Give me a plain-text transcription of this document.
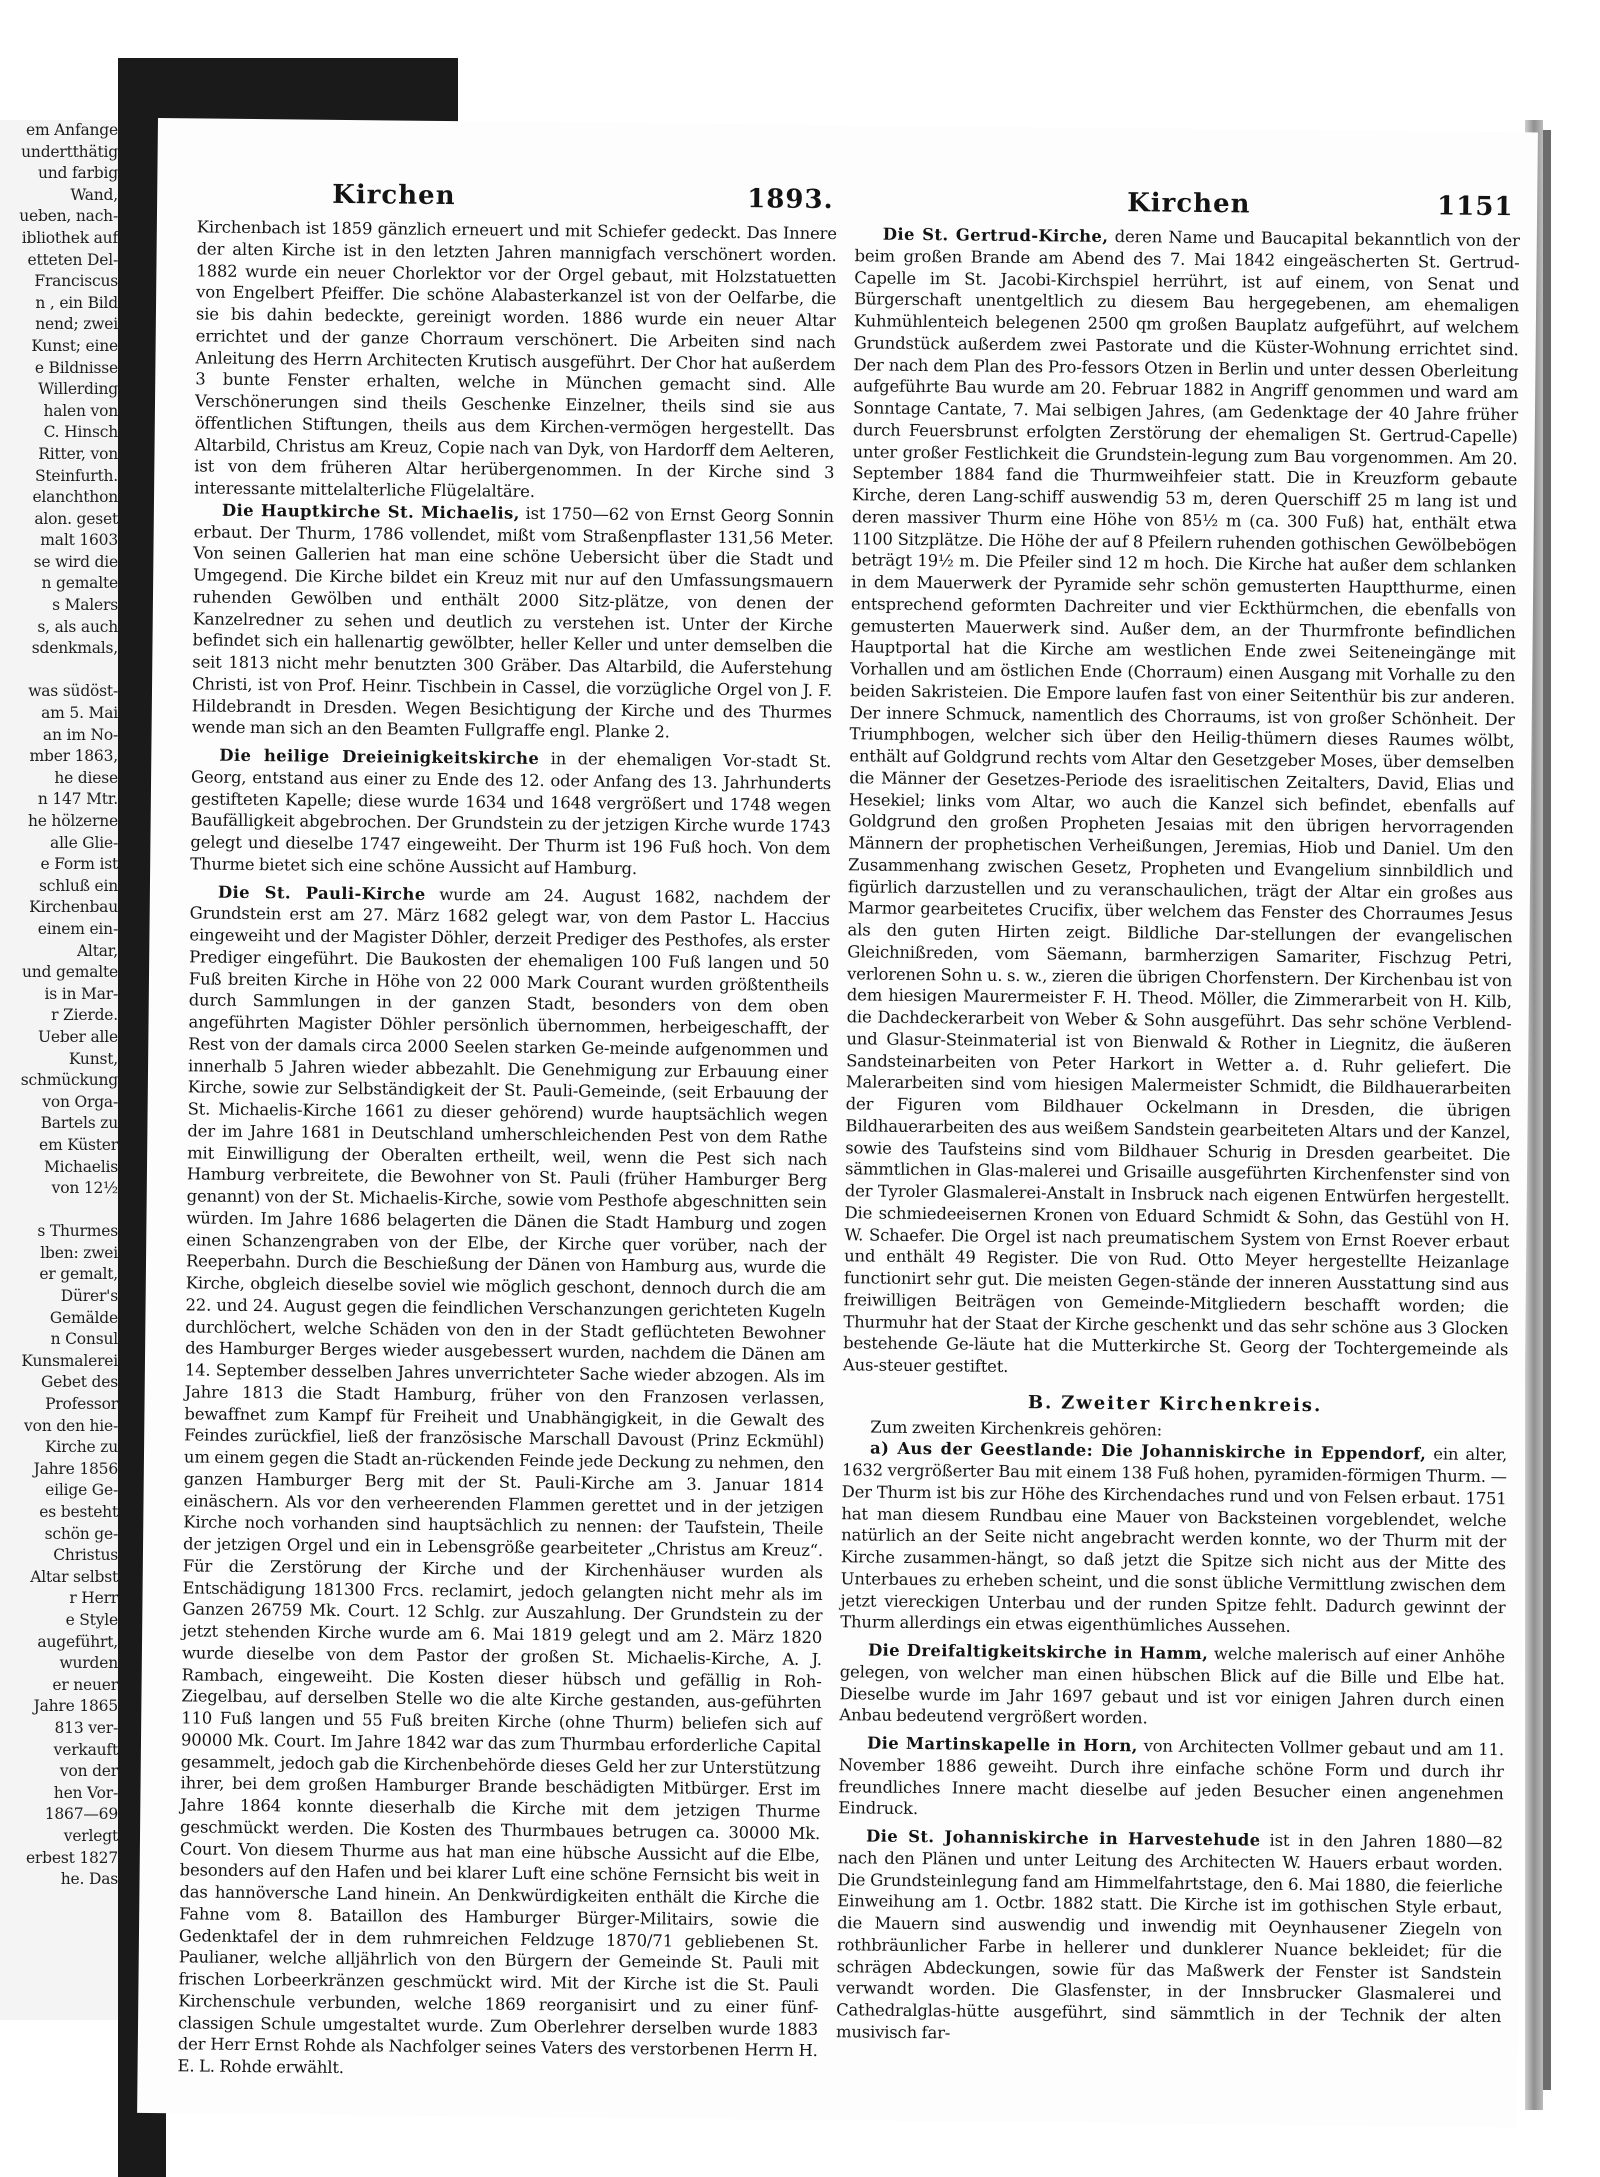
em Anfange
undertthätig
und farbig
Wand,
ueben, nach-
ibliothek auf
etteten Del-
Franciscus
n , ein Bild
nend; zwei
Kunst; eine
e Bildnisse
Willerding
halen von
C. Hinsch
Ritter, von
Steinfurth.
elanchthon
alon. geset
malt 1603
se wird die
n gemalte
s Malers
s, als auch
sdenkmals,

was südöst-
am 5. Mai
an im No-
mber 1863,
he diese
n 147 Mtr.
he hölzerne
alle Glie-
e Form ist
schluß ein
Kirchenbau
einem ein-
Altar,
und gemalte
is in Mar-
r Zierde.
Ueber alle
Kunst,
schmückung
von Orga-
Bartels zu
em Küster
Michaelis
von 12½

s Thurmes
lben: zwei
er gemalt,
Dürer's
Gemälde
n Consul
Kunsmalerei
Gebet des
Professor
von den hie-
Kirche zu
Jahre 1856
eilige Ge-
es besteht
schön ge-
Christus
Altar selbst
r Herr
e Style
augeführt,
wurden
er neuer
Jahre 1865
813 ver-
verkauft
von der
hen Vor-
1867—69
verlegt
erbest 1827
he. Das
Kirchen	1893.	Kirchen	1151

Kirchenbach ist 1859 gänzlich erneuert und mit Schiefer gedeckt. Das Innere der alten Kirche ist in den letzten Jahren mannigfach verschönert worden. 1882 wurde ein neuer Chorlektor vor der Orgel gebaut, mit Holzstatuetten von Engelbert Pfeiffer. Die schöne Alabasterkanzel ist von der Oelfarbe, die sie bis dahin bedeckte, gereinigt worden. 1886 wurde ein neuer Altar errichtet und der ganze Chorraum verschönert. Die Arbeiten sind nach Anleitung des Herrn Architecten Krutisch ausgeführt. Der Chor hat außerdem 3 bunte Fenster erhalten, welche in München gemacht sind. Alle Verschönerungen sind theils Geschenke Einzelner, theils sind sie aus öffentlichen Stiftungen, theils aus dem Kirchen-vermögen hergestellt. Das Altarbild, Christus am Kreuz, Copie nach van Dyk, von Hardorff dem Aelteren, ist von dem früheren Altar herübergenommen. In der Kirche sind 3 interessante mittelalterliche Flügelaltäre.

Die Hauptkirche St. Michaelis, ist 1750—62 von Ernst Georg Sonnin erbaut. Der Thurm, 1786 vollendet, mißt vom Straßenpflaster 131,56 Meter. Von seinen Gallerien hat man eine schöne Uebersicht über die Stadt und Umgegend. Die Kirche bildet ein Kreuz mit nur auf den Umfassungsmauern ruhenden Gewölben und enthält 2000 Sitz-plätze, von denen der Kanzelredner zu sehen und deutlich zu verstehen ist. Unter der Kirche befindet sich ein hallenartig gewölbter, heller Keller und unter demselben die seit 1813 nicht mehr benutzten 300 Gräber. Das Altarbild, die Auferstehung Christi, ist von Prof. Heinr. Tischbein in Cassel, die vorzügliche Orgel von J. F. Hildebrandt in Dresden. Wegen Besichtigung der Kirche und des Thurmes wende man sich an den Beamten Fullgraffe engl. Planke 2.

Die heilige Dreieinigkeitskirche in der ehemaligen Vor-stadt St. Georg, entstand aus einer zu Ende des 12. oder Anfang des 13. Jahrhunderts gestifteten Kapelle; diese wurde 1634 und 1648 vergrößert und 1748 wegen Baufälligkeit abgebrochen. Der Grundstein zu der jetzigen Kirche wurde 1743 gelegt und dieselbe 1747 eingeweiht. Der Thurm ist 196 Fuß hoch. Von dem Thurme bietet sich eine schöne Aussicht auf Hamburg.

Die St. Pauli-Kirche wurde am 24. August 1682, nachdem der Grundstein erst am 27. März 1682 gelegt war, von dem Pastor L. Haccius eingeweiht und der Magister Döhler, derzeit Prediger des Pesthofes, als erster Prediger eingeführt. Die Baukosten der ehemaligen 100 Fuß langen und 50 Fuß breiten Kirche in Höhe von 22 000 Mark Courant wurden größtentheils durch Sammlungen in der ganzen Stadt, besonders von dem oben angeführten Magister Döhler persönlich übernommen, herbeigeschafft, der Rest von der damals circa 2000 Seelen starken Ge-meinde aufgenommen und innerhalb 5 Jahren wieder abbezahlt. Die Genehmigung zur Erbauung einer Kirche, sowie zur Selbständigkeit der St. Pauli-Gemeinde, (seit Erbauung der St. Michaelis-Kirche 1661 zu dieser gehörend) wurde hauptsächlich wegen der im Jahre 1681 in Deutschland umherschleichenden Pest von dem Rathe mit Einwilligung der Oberalten ertheilt, weil, wenn die Pest sich nach Hamburg verbreitete, die Bewohner von St. Pauli (früher Hamburger Berg genannt) von der St. Michaelis-Kirche, sowie vom Pesthofe abgeschnitten sein würden. Im Jahre 1686 belagerten die Dänen die Stadt Hamburg und zogen einen Schanzengraben von der Elbe, der Kirche quer vorüber, nach der Reeperbahn. Durch die Beschießung der Dänen von Hamburg aus, wurde die Kirche, obgleich dieselbe soviel wie möglich geschont, dennoch durch die am 22. und 24. August gegen die feindlichen Verschanzungen gerichteten Kugeln durchlöchert, welche Schäden von den in der Stadt geflüchteten Bewohner des Hamburger Berges wieder ausgebessert wurden, nachdem die Dänen am 14. September desselben Jahres unverrichteter Sache wieder abzogen. Als im Jahre 1813 die Stadt Hamburg, früher von den Franzosen verlassen, bewaffnet zum Kampf für Freiheit und Unabhängigkeit, in die Gewalt des Feindes zurückfiel, ließ der französische Marschall Davoust (Prinz Eckmühl) um einem gegen die Stadt an-rückenden Feinde jede Deckung zu nehmen, den ganzen Hamburger Berg mit der St. Pauli-Kirche am 3. Januar 1814 einäschern. Als vor den verheerenden Flammen gerettet und in der jetzigen Kirche noch vorhanden sind hauptsächlich zu nennen: der Taufstein, Theile der jetzigen Orgel und ein in Lebensgröße gearbeiteter „Christus am Kreuz“. Für die Zerstörung der Kirche und der Kirchenhäuser wurden als Entschädigung 181300 Frcs. reclamirt, jedoch gelangten nicht mehr als im Ganzen 26759 Mk. Court. 12 Schlg. zur Auszahlung. Der Grundstein zu der jetzt stehenden Kirche wurde am 6. Mai 1819 gelegt und am 2. März 1820 wurde dieselbe von dem Pastor der großen St. Michaelis-Kirche, A. J. Rambach, eingeweiht. Die Kosten dieser hübsch und gefällig in Roh-Ziegelbau, auf derselben Stelle wo die alte Kirche gestanden, aus-geführten 110 Fuß langen und 55 Fuß breiten Kirche (ohne Thurm) beliefen sich auf 90000 Mk. Court. Im Jahre 1842 war das zum Thurmbau erforderliche Capital gesammelt, jedoch gab die Kirchenbehörde dieses Geld her zur Unterstützung ihrer, bei dem großen Hamburger Brande beschädigten Mitbürger. Erst im Jahre 1864 konnte dieserhalb die Kirche mit dem jetzigen Thurme geschmückt werden. Die Kosten des Thurmbaues betrugen ca. 30000 Mk. Court. Von diesem Thurme aus hat man eine hübsche Aussicht auf die Elbe, besonders auf den Hafen und bei klarer Luft eine schöne Fernsicht bis weit in das hannöversche Land hinein. An Denkwürdigkeiten enthält die Kirche die Fahne vom 8. Bataillon des Hamburger Bürger-Militairs, sowie die Gedenktafel der in dem ruhmreichen Feldzuge 1870/71 gebliebenen St. Paulianer, welche alljährlich von den Bürgern der Gemeinde St. Pauli mit frischen Lorbeerkränzen geschmückt wird. Mit der Kirche ist die St. Pauli Kirchenschule verbunden, welche 1869 reorganisirt und zu einer fünf-classigen Schule umgestaltet wurde. Zum Oberlehrer derselben wurde 1883 der Herr Ernst Rohde als Nachfolger seines Vaters des verstorbenen Herrn H. E. L. Rohde erwählt.

Die St. Gertrud-Kirche, deren Name und Baucapital bekanntlich von der beim großen Brande am Abend des 7. Mai 1842 eingeäscherten St. Gertrud-Capelle im St. Jacobi-Kirchspiel herrührt, ist auf einem, von Senat und Bürgerschaft unentgeltlich zu diesem Bau hergegebenen, am ehemaligen Kuhmühlenteich belegenen 2500 qm großen Bauplatz aufgeführt, auf welchem Grundstück außerdem zwei Pastorate und die Küster-Wohnung errichtet sind. Der nach dem Plan des Pro-fessors Otzen in Berlin und unter dessen Oberleitung aufgeführte Bau wurde am 20. Februar 1882 in Angriff genommen und ward am Sonntage Cantate, 7. Mai selbigen Jahres, (am Gedenktage der 40 Jahre früher durch Feuersbrunst erfolgten Zerstörung der ehemaligen St. Gertrud-Capelle) unter großer Festlichkeit die Grundstein-legung zum Bau vorgenommen. Am 20. September 1884 fand die Thurmweihfeier statt. Die in Kreuzform gebaute Kirche, deren Lang-schiff auswendig 53 m, deren Querschiff 25 m lang ist und deren massiver Thurm eine Höhe von 85½ m (ca. 300 Fuß) hat, enthält etwa 1100 Sitzplätze. Die Höhe der auf 8 Pfeilern ruhenden gothischen Gewölbebögen beträgt 19½ m. Die Pfeiler sind 12 m hoch. Die Kirche hat außer dem schlanken in dem Mauerwerk der Pyramide sehr schön gemusterten Hauptthurme, einen entsprechend geformten Dachreiter und vier Eckthürmchen, die ebenfalls von gemusterten Mauerwerk sind. Außer dem, an der Thurmfronte befindlichen Hauptportal hat die Kirche am westlichen Ende zwei Seiteneingänge mit Vorhallen und am östlichen Ende (Chorraum) einen Ausgang mit Vorhalle zu den beiden Sakristeien. Die Empore laufen fast von einer Seitenthür bis zur anderen. Der innere Schmuck, namentlich des Chorraums, ist von großer Schönheit. Der Triumphbogen, welcher sich über den Heilig-thümern dieses Raumes wölbt, enthält auf Goldgrund rechts vom Altar den Gesetzgeber Moses, über demselben die Männer der Gesetzes-Periode des israelitischen Zeitalters, David, Elias und Hesekiel; links vom Altar, wo auch die Kanzel sich befindet, ebenfalls auf Goldgrund den großen Propheten Jesaias mit den übrigen hervorragenden Männern der prophetischen Verheißungen, Jeremias, Hiob und Daniel. Um den Zusammenhang zwischen Gesetz, Propheten und Evangelium sinnbildlich und figürlich darzustellen und zu veranschaulichen, trägt der Altar ein großes aus Marmor gearbeitetes Crucifix, über welchem das Fenster des Chorraumes Jesus als den guten Hirten zeigt. Bildliche Dar-stellungen der evangelischen Gleichnißreden, vom Säemann, barmherzigen Samariter, Fischzug Petri, verlorenen Sohn u. s. w., zieren die übrigen Chorfenstern. Der Kirchenbau ist von dem hiesigen Maurermeister F. H. Theod. Möller, die Zimmerarbeit von H. Kilb, die Dachdeckerarbeit von Weber & Sohn ausgeführt. Das sehr schöne Verblend- und Glasur-Steinmaterial ist von Bienwald & Rother in Liegnitz, die äußeren Sandsteinarbeiten von Peter Harkort in Wetter a. d. Ruhr geliefert. Die Malerarbeiten sind vom hiesigen Malermeister Schmidt, die Bildhauerarbeiten der Figuren vom Bildhauer Ockelmann in Dresden, die übrigen Bildhauerarbeiten des aus weißem Sandstein gearbeiteten Altars und der Kanzel, sowie des Taufsteins sind vom Bildhauer Schurig in Dresden gearbeitet. Die sämmtlichen in Glas-malerei und Grisaille ausgeführten Kirchenfenster sind von der Tyroler Glasmalerei-Anstalt in Insbruck nach eigenen Entwürfen hergestellt. Die schmiedeeisernen Kronen von Eduard Schmidt & Sohn, das Gestühl von H. W. Schaefer. Die Orgel ist nach preumatischem System von Ernst Roever erbaut und enthält 49 Register. Die von Rud. Otto Meyer hergestellte Heizanlage functionirt sehr gut. Die meisten Gegen-stände der inneren Ausstattung sind aus freiwilligen Beiträgen von Gemeinde-Mitgliedern beschafft worden; die Thurmuhr hat der Staat der Kirche geschenkt und das sehr schöne aus 3 Glocken bestehende Ge-läute hat die Mutterkirche St. Georg der Tochtergemeinde als Aus-steuer gestiftet.

B. Zweiter Kirchenkreis.

Zum zweiten Kirchenkreis gehören:

a) Aus der Geestlande: Die Johanniskirche in Eppendorf, ein alter, 1632 vergrößerter Bau mit einem 138 Fuß hohen, pyramiden-förmigen Thurm. — Der Thurm ist bis zur Höhe des Kirchendaches rund und von Felsen erbaut. 1751 hat man diesem Rundbau eine Mauer von Backsteinen vorgeblendet, welche natürlich an der Seite nicht angebracht werden konnte, wo der Thurm mit der Kirche zusammen-hängt, so daß jetzt die Spitze sich nicht aus der Mitte des Unterbaues zu erheben scheint, und die sonst übliche Vermittlung zwischen dem jetzt viereckigen Unterbau und der runden Spitze fehlt. Dadurch gewinnt der Thurm allerdings ein etwas eigenthümliches Aussehen.

Die Dreifaltigkeitskirche in Hamm, welche malerisch auf einer Anhöhe gelegen, von welcher man einen hübschen Blick auf die Bille und Elbe hat. Dieselbe wurde im Jahr 1697 gebaut und ist vor einigen Jahren durch einen Anbau bedeutend vergrößert worden.

Die Martinskapelle in Horn, von Architecten Vollmer gebaut und am 11. November 1886 geweiht. Durch ihre einfache schöne Form und durch ihr freundliches Innere macht dieselbe auf jeden Besucher einen angenehmen Eindruck.

Die St. Johanniskirche in Harvestehude ist in den Jahren 1880—82 nach den Plänen und unter Leitung des Architecten W. Hauers erbaut worden. Die Grundsteinlegung fand am Himmelfahrtstage, den 6. Mai 1880, die feierliche Einweihung am 1. Octbr. 1882 statt. Die Kirche ist im gothischen Style erbaut, die Mauern sind auswendig und inwendig mit Oeynhausener Ziegeln von rothbräunlicher Farbe in hellerer und dunklerer Nuance bekleidet; für die schrägen Abdeckungen, sowie für das Maßwerk der Fenster ist Sandstein verwandt worden. Die Glasfenster, in der Innsbrucker Glasmalerei und Cathedralglas-hütte ausgeführt, sind sämmtlich in der Technik der alten musivisch far-
